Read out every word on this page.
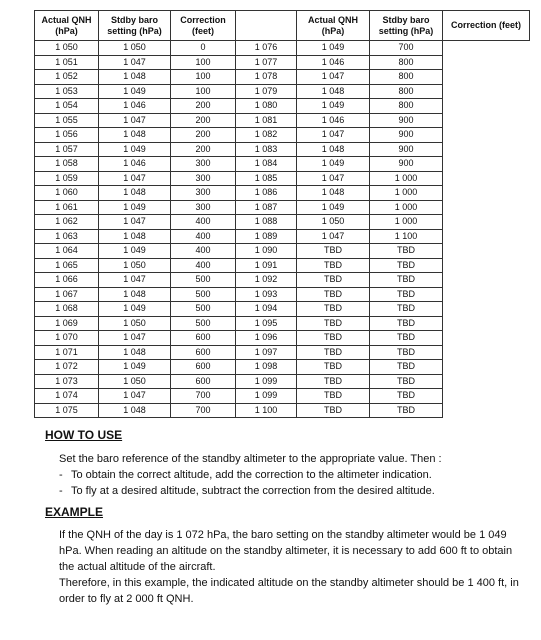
Actual QNH (hPa)	Stdby baro setting (hPa)	Correction (feet)		Actual QNH (hPa)	Stdby baro setting (hPa)	Correction (feet)
1 050	1 050	0	1 076	1 049	700	
1 051	1 047	100	1 077	1 046	800	
1 052	1 048	100	1 078	1 047	800	
1 053	1 049	100	1 079	1 048	800	
1 054	1 046	200	1 080	1 049	800	
1 055	1 047	200	1 081	1 046	900	
1 056	1 048	200	1 082	1 047	900	
1 057	1 049	200	1 083	1 048	900	
1 058	1 046	300	1 084	1 049	900	
1 059	1 047	300	1 085	1 047	1 000	
1 060	1 048	300	1 086	1 048	1 000	
1 061	1 049	300	1 087	1 049	1 000	
1 062	1 047	400	1 088	1 050	1 000	
1 063	1 048	400	1 089	1 047	1 100	
1 064	1 049	400	1 090	TBD	TBD	
1 065	1 050	400	1 091	TBD	TBD	
1 066	1 047	500	1 092	TBD	TBD	
1 067	1 048	500	1 093	TBD	TBD	
1 068	1 049	500	1 094	TBD	TBD	
1 069	1 050	500	1 095	TBD	TBD	
1 070	1 047	600	1 096	TBD	TBD	
1 071	1 048	600	1 097	TBD	TBD	
1 072	1 049	600	1 098	TBD	TBD	
1 073	1 050	600	1 099	TBD	TBD	
1 074	1 047	700	1 099	TBD	TBD	
1 075	1 048	700	1 100	TBD	TBD	
HOW TO USE

Set the baro reference of the standby altimeter to the appropriate value. Then :

- To obtain the correct altitude, add the correction to the altimeter indication.
- To fly at a desired altitude, subtract the correction from the desired altitude.
EXAMPLE

If the QNH of the day is 1 072 hPa, the baro setting on the standby altimeter would be 1 049 hPa. When reading an altitude on the standby altimeter, it is necessary to add 600 ft to obtain the actual altitude of the aircraft.

Therefore, in this example, the indicated altitude on the standby altimeter should be 1 400 ft, in order to fly at 2 000 ft QNH.
